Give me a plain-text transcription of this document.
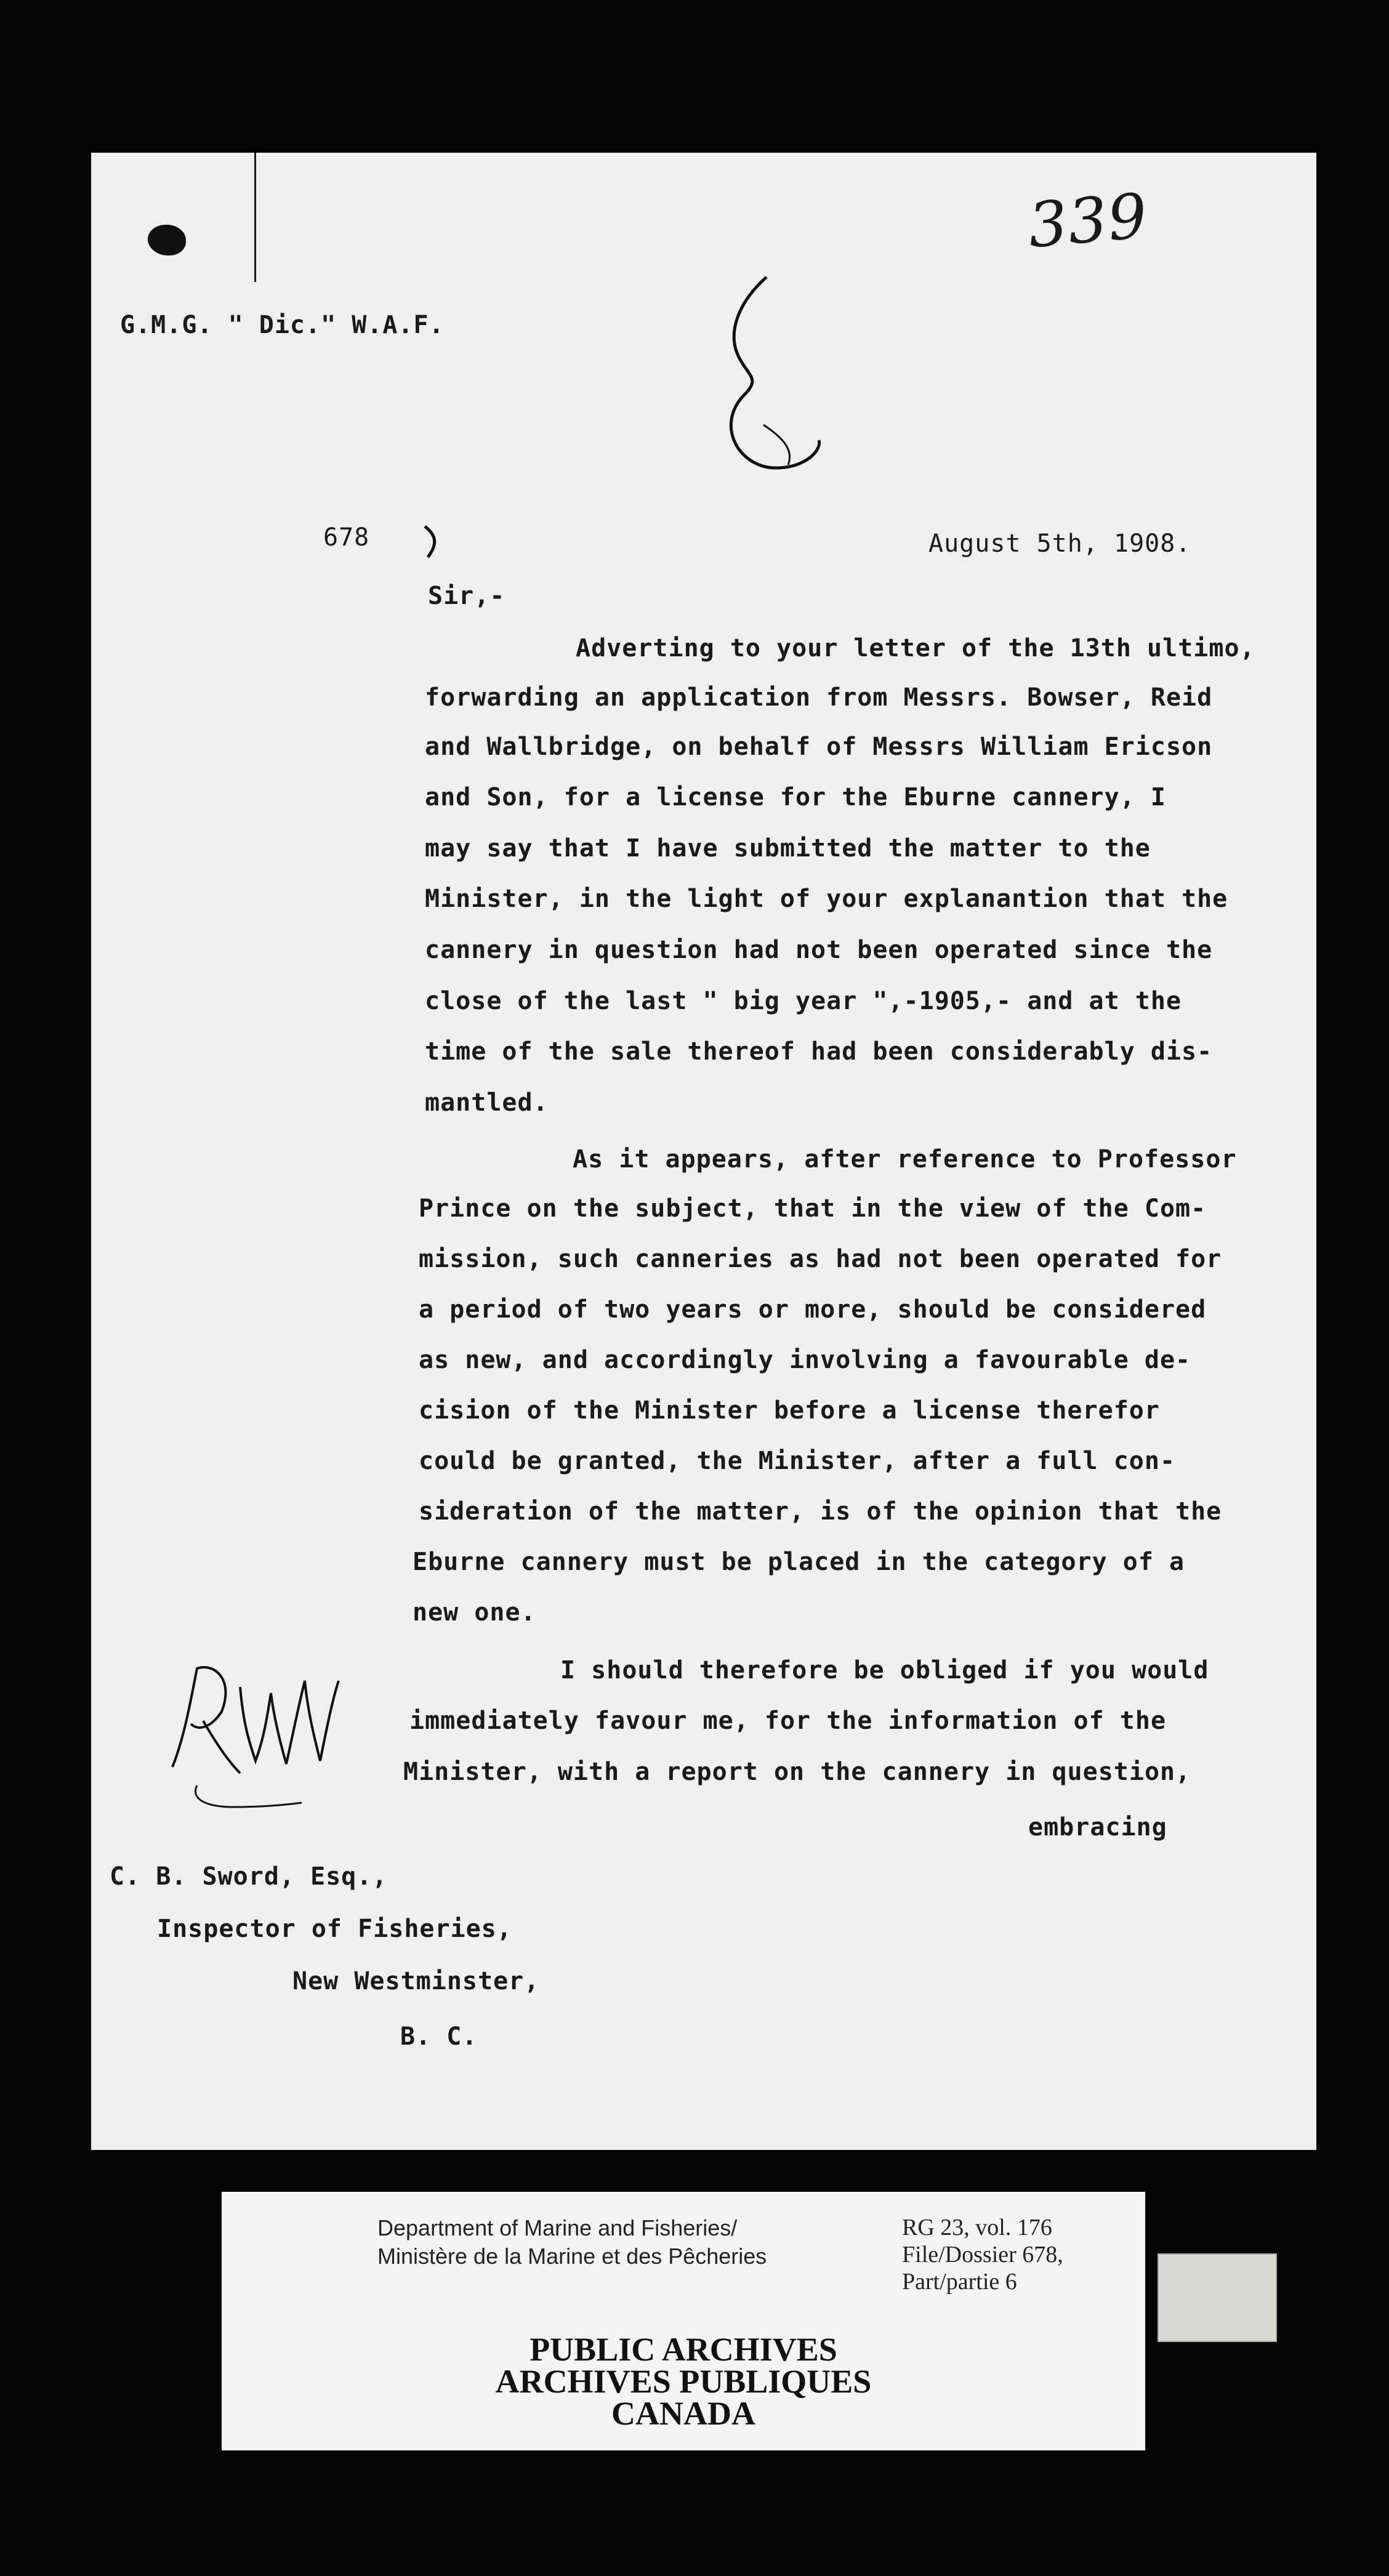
339
G.M.G. " Dic." W.A.F.
678	August 5th, 1908.
Sir,-
Adverting to your letter of the 13th ultimo,
forwarding an application from Messrs. Bowser, Reid
and Wallbridge, on behalf of Messrs William Ericson
and Son, for a license for the Eburne cannery, I
may say that I have submitted the matter to the
Minister, in the light of your explanantion that the
cannery in question had not been operated since the
close of the last " big year ",-1905,- and at the
time of the sale thereof had been considerably dis-
mantled.
As it appears, after reference to Professor
Prince on the subject, that in the view of the Com-
mission, such canneries as had not been operated for
a period of two years or more, should be considered
as new, and accordingly involving a favourable de-
cision of the Minister before a license therefor
could be granted, the Minister, after a full con-
sideration of the matter, is of the opinion that the
Eburne cannery must be placed in the category of a
new one.
I should therefore be obliged if you would
immediately favour me, for the information of the
Minister, with a report on the cannery in question,
embracing
C. B. Sword, Esq.,
Inspector of Fisheries,
New Westminster,
B. C.
Department of Marine and Fisheries/
Ministère de la Marine et des Pêcheries
RG 23, vol. 176
File/Dossier 678,
Part/partie 6
PUBLIC ARCHIVES
ARCHIVES PUBLIQUES
CANADA
